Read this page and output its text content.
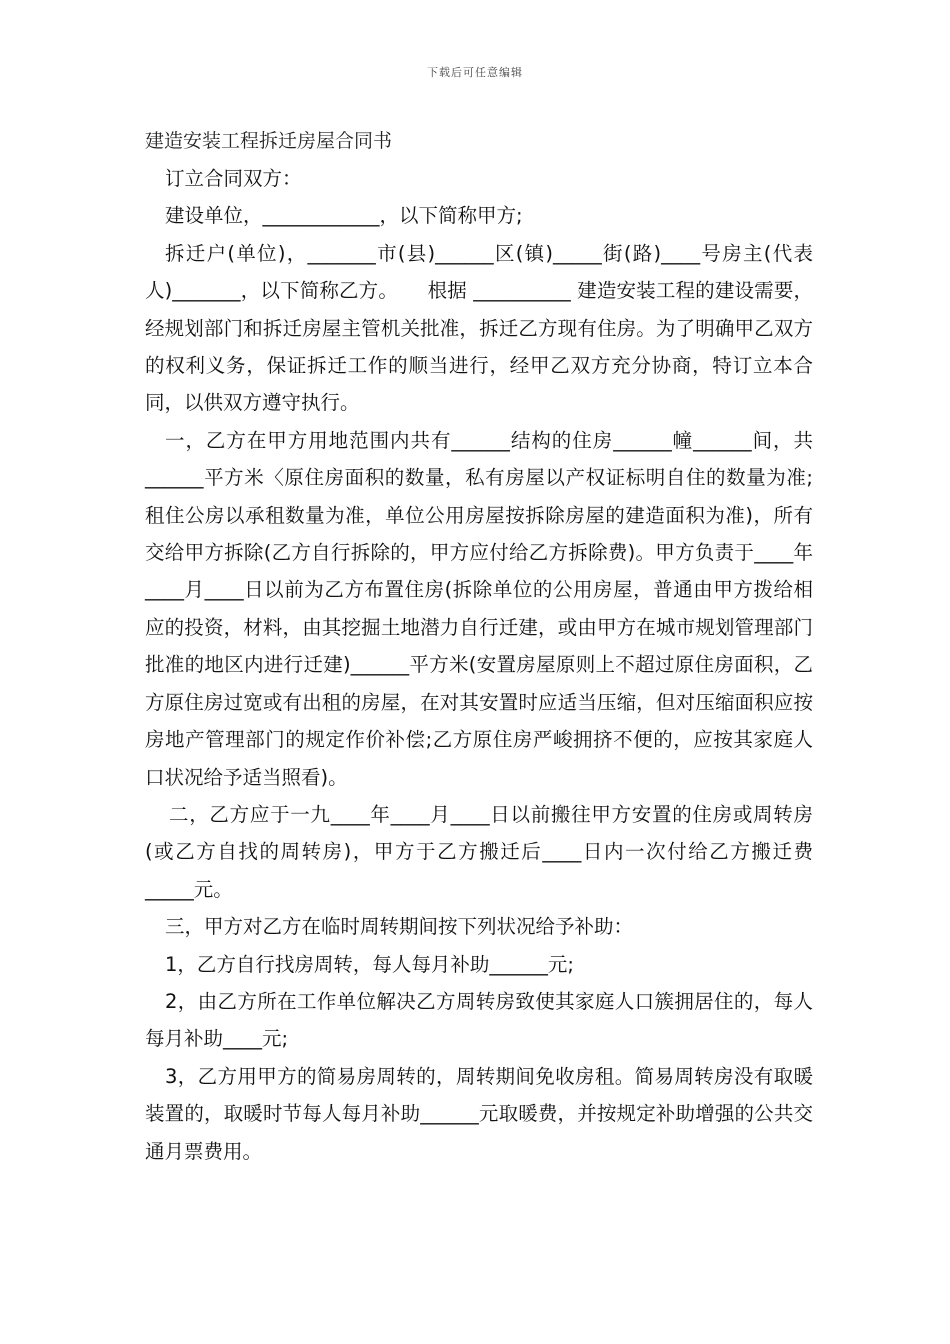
下载后可任意编辑
建造安装工程拆迁房屋合同书

订立合同双方：

建设单位，____________，以下简称甲方;

拆迁户(单位)，_______市(县)______区(镇)_____街(路)____号房主(代表人)_______，以下简称乙方。　　根据 __________ 建造安装工程的建设需要，经规划部门和拆迁房屋主管机关批准，拆迁乙方现有住房。为了明确甲乙双方的权利义务，保证拆迁工作的顺当进行，经甲乙双方充分协商，特订立本合同，以供双方遵守执行。

一，乙方在甲方用地范围内共有______结构的住房______幢______间，共______平方米〈原住房面积的数量，私有房屋以产权证标明自住的数量为准;租住公房以承租数量为准，单位公用房屋按拆除房屋的建造面积为准)，所有交给甲方拆除(乙方自行拆除的，甲方应付给乙方拆除费)。甲方负责于____年____月____日以前为乙方布置住房(拆除单位的公用房屋，普通由甲方拨给相应的投资，材料，由其挖掘土地潜力自行迁建，或由甲方在城市规划管理部门批准的地区内进行迁建)______平方米(安置房屋原则上不超过原住房面积，乙方原住房过宽或有出租的房屋，在对其安置时应适当压缩，但对压缩面积应按房地产管理部门的规定作价补偿;乙方原住房严峻拥挤不便的，应按其家庭人口状况给予适当照看)。

二，乙方应于一九____年____月____日以前搬往甲方安置的住房或周转房(或乙方自找的周转房)，甲方于乙方搬迁后____日内一次付给乙方搬迁费_____元。

三，甲方对乙方在临时周转期间按下列状况给予补助：

1，乙方自行找房周转，每人每月补助______元;

2，由乙方所在工作单位解决乙方周转房致使其家庭人口簇拥居住的，每人每月补助____元;

3，乙方用甲方的简易房周转的，周转期间免收房租。简易周转房没有取暖装置的，取暖时节每人每月补助______元取暖费，并按规定补助增强的公共交通月票费用。
